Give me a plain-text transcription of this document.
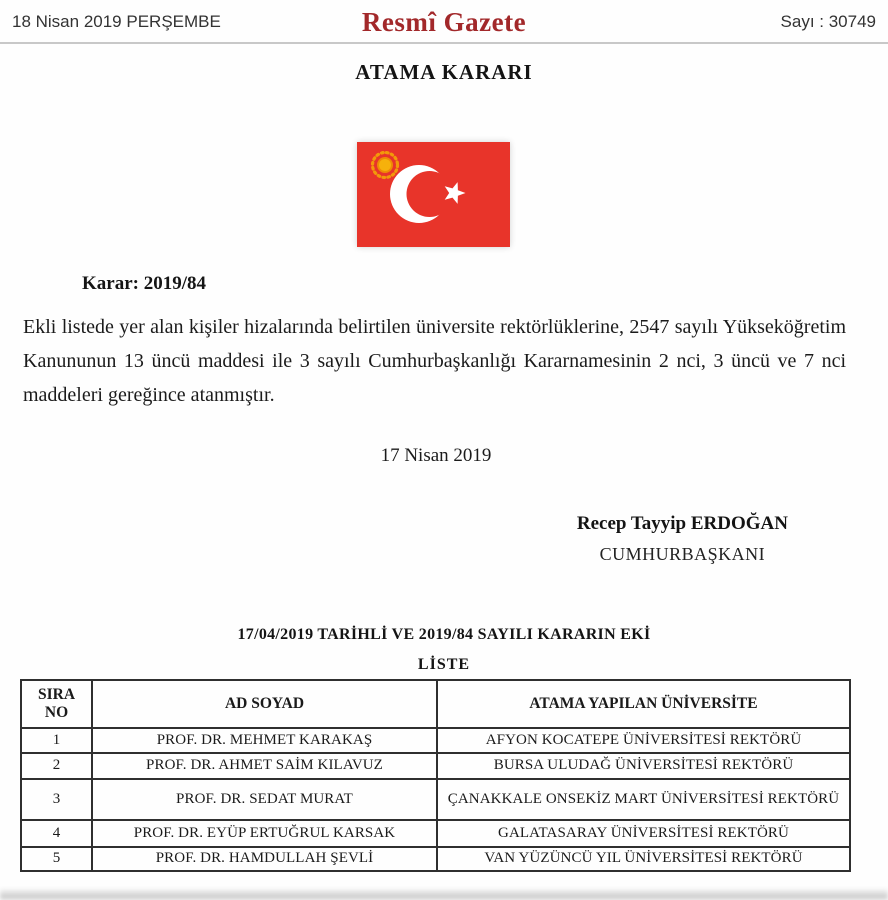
18 Nisan 2019 PERŞEMBE	Resmî Gazete	Sayı : 30749
ATAMA KARARI
Karar: 2019/84

Ekli listede yer alan kişiler hizalarında belirtilen üniversite rektörlüklerine, 2547 sayılı Yükseköğretim Kanununun 13 üncü maddesi ile 3 sayılı Cumhurbaşkanlığı Kararnamesinin 2 nci, 3 üncü ve 7 nci maddeleri gereğince atanmıştır.

17 Nisan 2019
Recep Tayyip ERDOĞAN
CUMHURBAŞKANI
17/04/2019 TARİHLİ VE 2019/84 SAYILI KARARIN EKİ
LİSTE
SIRA NO	AD SOYAD	ATAMA YAPILAN ÜNİVERSİTE
1	PROF. DR. MEHMET KARAKAŞ	AFYON KOCATEPE ÜNİVERSİTESİ REKTÖRÜ
2	PROF. DR. AHMET SAİM KILAVUZ	BURSA ULUDAĞ ÜNİVERSİTESİ REKTÖRÜ
3	PROF. DR. SEDAT MURAT	ÇANAKKALE ONSEKİZ MART ÜNİVERSİTESİ REKTÖRÜ
4	PROF. DR. EYÜP ERTUĞRUL KARSAK	GALATASARAY ÜNİVERSİTESİ REKTÖRÜ
5	PROF. DR. HAMDULLAH ŞEVLİ	VAN YÜZÜNCÜ YIL ÜNİVERSİTESİ REKTÖRÜ
